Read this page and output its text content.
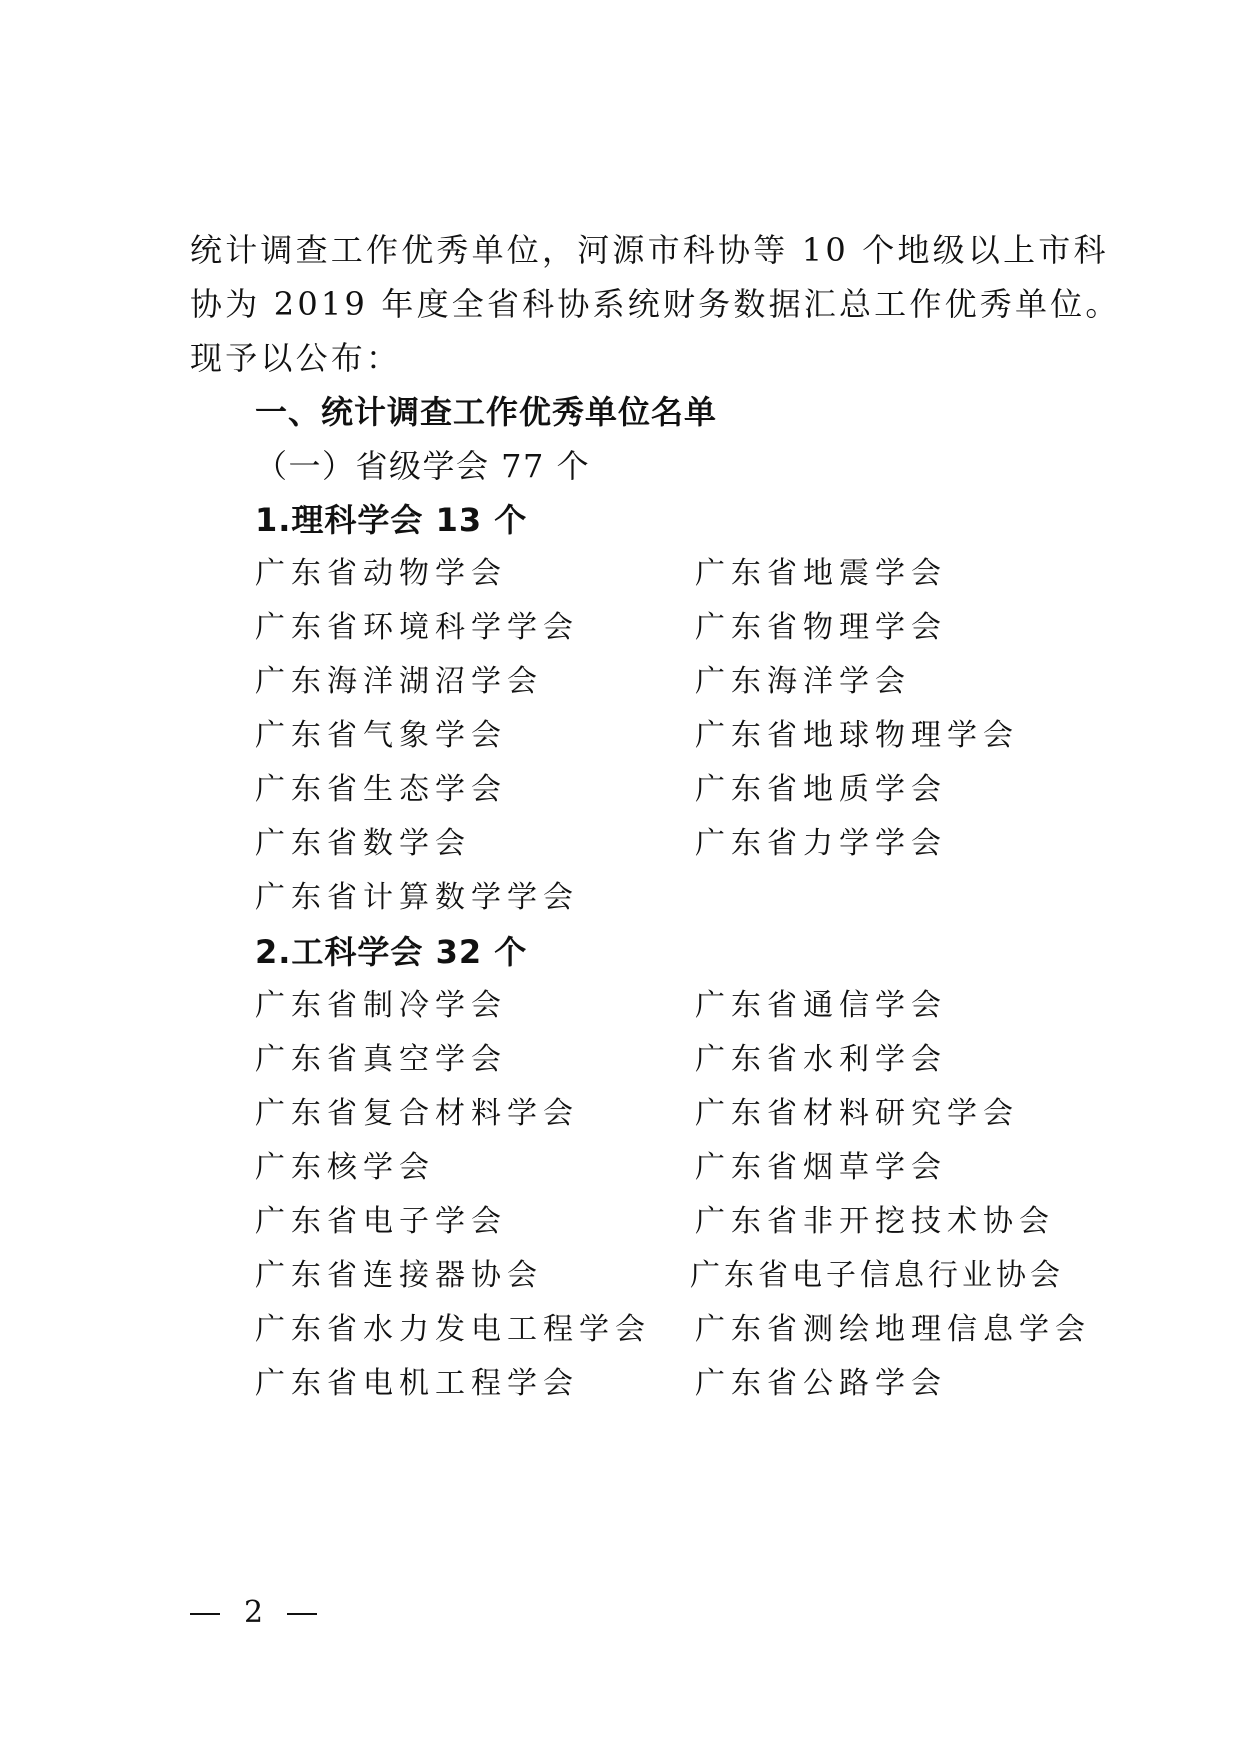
统计调查工作优秀单位，河源市科协等 10 个地级以上市科
协为 2019 年度全省科协系统财务数据汇总工作优秀单位。
现予以公布：
一、统计调查工作优秀单位名单
（一）省级学会 77 个
1.理科学会 13 个
广东省动物学会	广东省地震学会
广东省环境科学学会	广东省物理学会
广东海洋湖沼学会	广东海洋学会
广东省气象学会	广东省地球物理学会
广东省生态学会	广东省地质学会
广东省数学会	广东省力学学会
广东省计算数学学会
2.工科学会 32 个
广东省制冷学会	广东省通信学会
广东省真空学会	广东省水利学会
广东省复合材料学会	广东省材料研究学会
广东核学会	广东省烟草学会
广东省电子学会	广东省非开挖技术协会
广东省连接器协会	广东省电子信息行业协会
广东省水力发电工程学会 广东省测绘地理信息学会
广东省电机工程学会	广东省公路学会
2
